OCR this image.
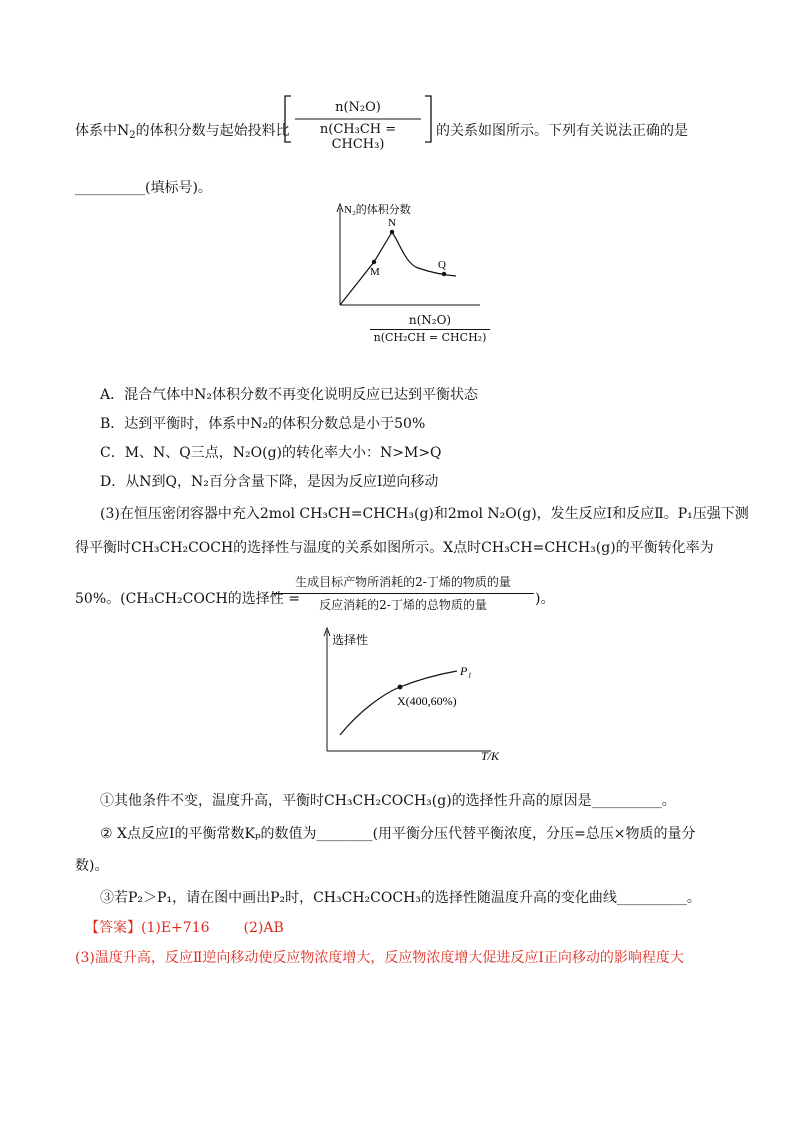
体系中$N_2$的体积分数与起始投料比
n(N₂O)
n(CH₃CH = CHCH₃)
的关系如图所示。下列有关说法正确的是
__________(填标号)。
N₂的体积分数
N
M
Q
n(N₂O)
n(CH₂CH = CHCH₂)
A．混合气体中N₂体积分数不再变化说明反应已达到平衡状态
B．达到平衡时，体系中N₂的体积分数总是小于50%
C．M、N、Q三点，N₂O(g)的转化率大小：N>M>Q
D．从N到Q，N₂百分含量下降，是因为反应Ⅰ逆向移动
(3)在恒压密闭容器中充入2mol CH₃CH=CHCH₃(g)和2mol N₂O(g)，发生反应Ⅰ和反应Ⅱ。P₁压强下测
得平衡时CH₃CH₂COCH的选择性与温度的关系如图所示。X点时CH₃CH=CHCH₃(g)的平衡转化率为
50%。(CH₃CH₂COCH的选择性 =
生成目标产物所消耗的2-丁烯的物质的量
反应消耗的2-丁烯的总物质的量	)。
选择性
P₁
X(400,60%)
T/K
①其他条件不变，温度升高，平衡时CH₃CH₂COCH₃(g)的选择性升高的原因是__________。
② X点反应Ⅰ的平衡常数Kₚ的数值为________(用平衡分压代替平衡浓度，分压=总压×物质的量分
数)。
③若P₂＞P₁，请在图中画出P₂时，CH₃CH₂COCH₃的选择性随温度升高的变化曲线__________。
【答案】(1)E+716 (2)AB
(3)温度升高，反应Ⅱ逆向移动使反应物浓度增大，反应物浓度增大促进反应Ⅰ正向移动的影响程度大
